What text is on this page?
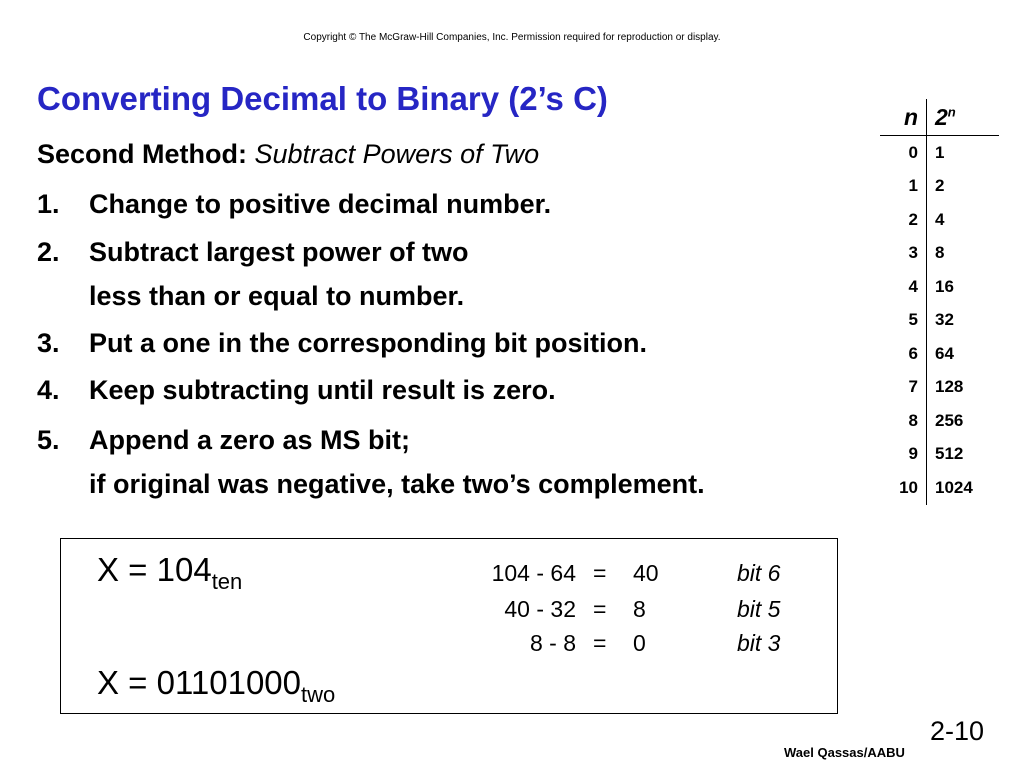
Copyright © The McGraw-Hill Companies, Inc. Permission required for reproduction or display.
Converting Decimal to Binary (2’s C)
Second Method: Subtract Powers of Two
1. Change to positive decimal number.
2. Subtract largest power of two
less than or equal to number.
3. Put a one in the corresponding bit position.
4. Keep subtracting until result is zero.
5. Append a zero as MS bit;
if original was negative, take two’s complement.
n	2$^n$
0	1
1	2
2	4
3	8
4	16
5	32
6	64
7	128
8	256
9	512
10	1024
$X = 104_{ten}$	104 - 64 = 40	bit 6
40 - 32 = 8	bit 5
8 - 8 = 0	bit 3
$X = 01101000_{two}$
2-10
Wael Qassas/AABU
